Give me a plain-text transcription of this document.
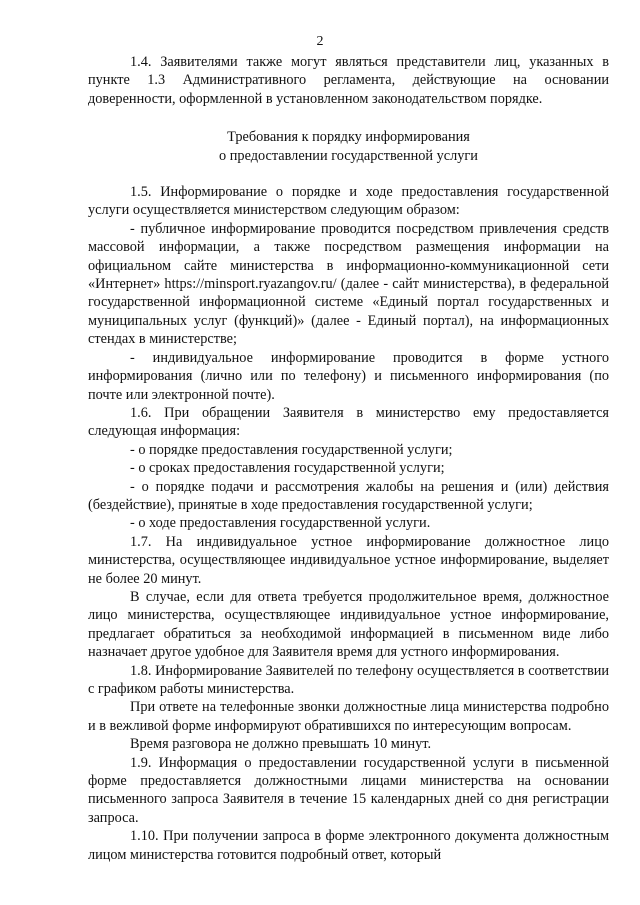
2

1.4. Заявителями также могут являться представители лиц, указанных в пункте 1.3 Административного регламента, действующие на основании доверенности, оформленной в установленном законодательством порядке.

Требования к порядку информирования
о предоставлении государственной услуги

1.5. Информирование о порядке и ходе предоставления государственной услуги осуществляется министерством следующим образом:

- публичное информирование проводится посредством привлечения средств массовой информации, а также посредством размещения информации на официальном сайте министерства в информационно-коммуникационной сети «Интернет» https://minsport.ryazangov.ru/ (далее - сайт министерства), в федеральной государственной информационной системе «Единый портал государственных и муниципальных услуг (функций)» (далее - Единый портал), на информационных стендах в министерстве;

- индивидуальное информирование проводится в форме устного информирования (лично или по телефону) и письменного информирования (по почте или электронной почте).

1.6. При обращении Заявителя в министерство ему предоставляется следующая информация:

- о порядке предоставления государственной услуги;

- о сроках предоставления государственной услуги;

- о порядке подачи и рассмотрения жалобы на решения и (или) действия (бездействие), принятые в ходе предоставления государственной услуги;

- о ходе предоставления государственной услуги.

1.7. На индивидуальное устное информирование должностное лицо министерства, осуществляющее индивидуальное устное информирование, выделяет не более 20 минут.

В случае, если для ответа требуется продолжительное время, должностное лицо министерства, осуществляющее индивидуальное устное информирование, предлагает обратиться за необходимой информацией в письменном виде либо назначает другое удобное для Заявителя время для устного информирования.

1.8. Информирование Заявителей по телефону осуществляется в соответствии с графиком работы министерства.

При ответе на телефонные звонки должностные лица министерства подробно и в вежливой форме информируют обратившихся по интересующим вопросам.

Время разговора не должно превышать 10 минут.

1.9. Информация о предоставлении государственной услуги в письменной форме предоставляется должностными лицами министерства на основании письменного запроса Заявителя в течение 15 календарных дней со дня регистрации запроса.

1.10. При получении запроса в форме электронного документа должностным лицом министерства готовится подробный ответ, который
